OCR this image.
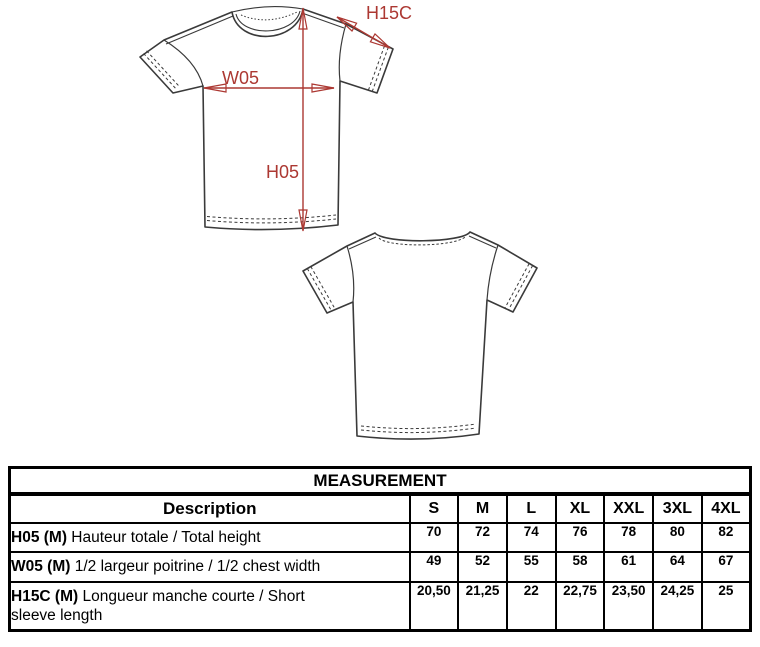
W05
H05
H15C
MEASUREMENT							
Description	S	M	L	XL	XXL	3XL	4XL
H05 (M) Hauteur totale / Total height	70	72	74	76	78	80	82
W05 (M) 1/2 largeur poitrine / 1/2 chest width	49	52	55	58	61	64	67

H15C (M) Longueur manche courte / Short sleeve length	20,50	21,25	22	22,75	23,50	24,25	25
